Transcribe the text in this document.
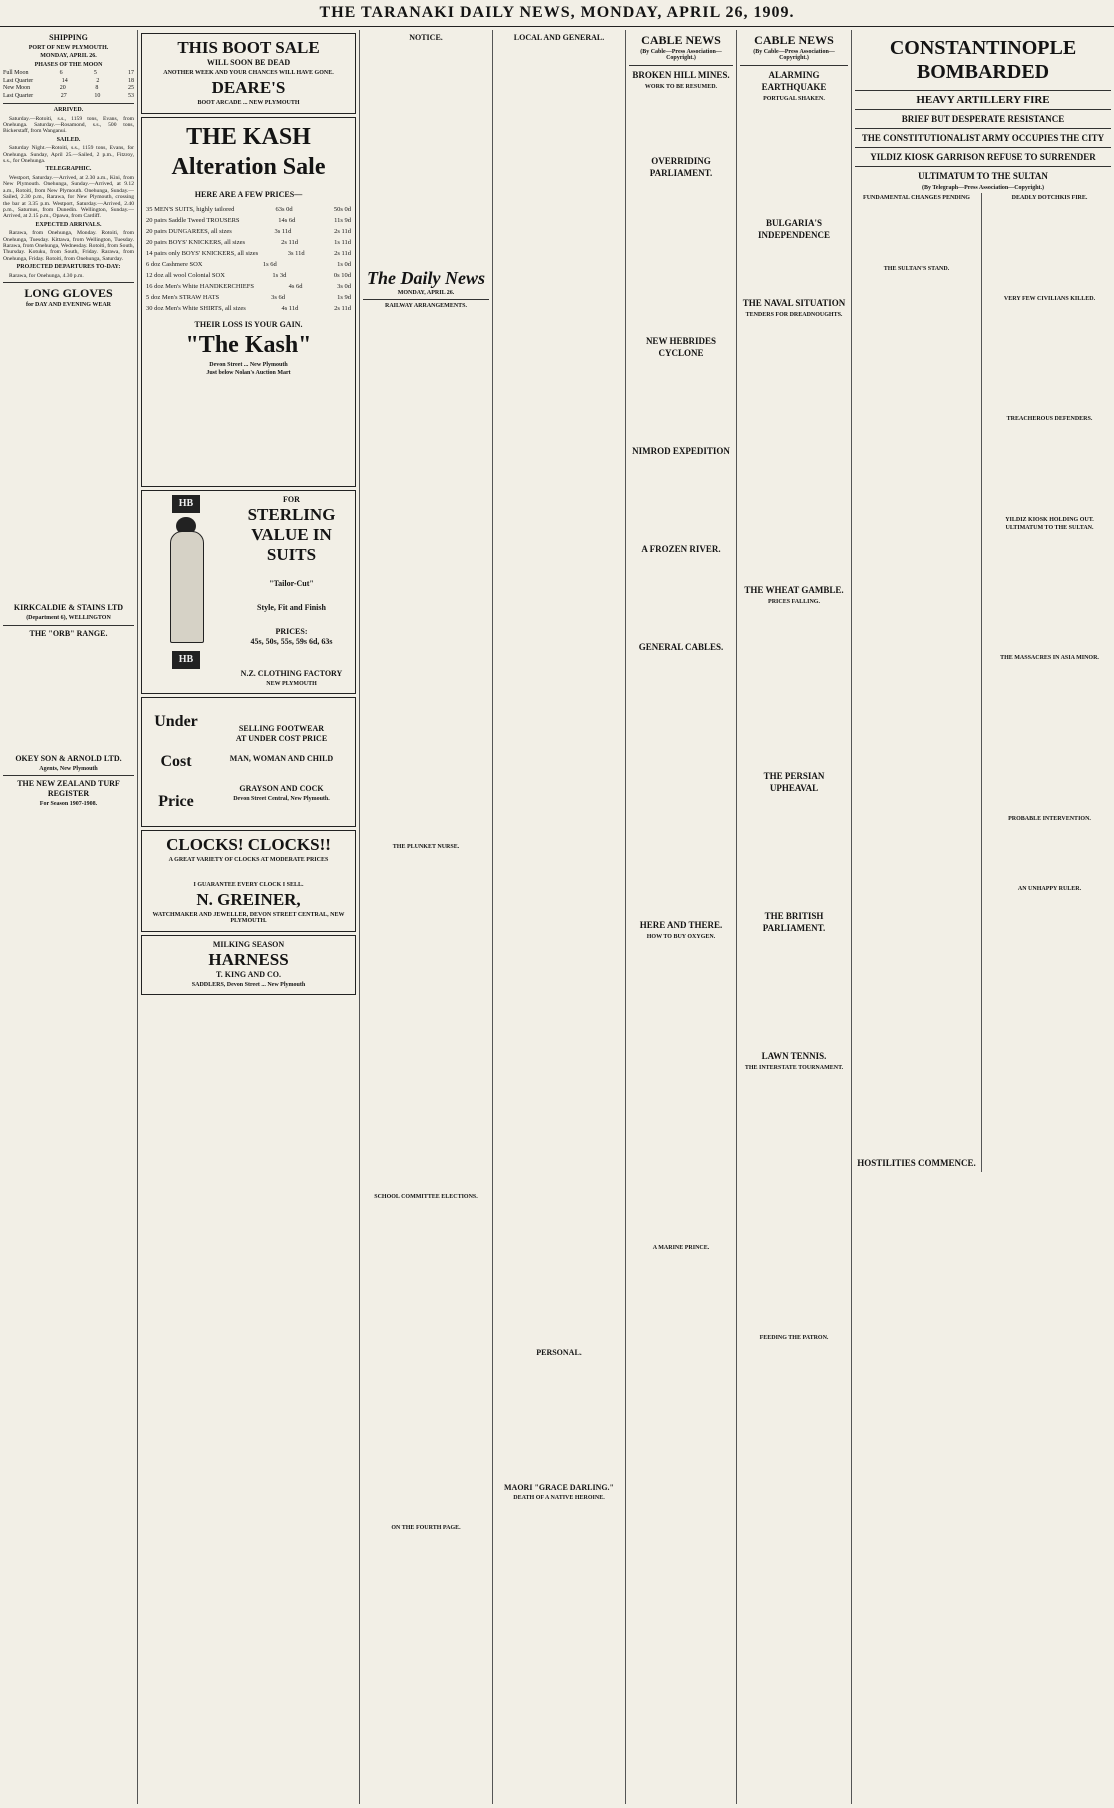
THE TARANAKI DAILY NEWS, MONDAY, APRIL 26, 1909.
SHIPPING
PORT OF NEW PLYMOUTH.
MONDAY, APRIL 26.
PHASES OF THE MOON
Full Moon	6	5	17
Last Quarter	14	2	18
New Moon	20	8	25
Last Quarter	27	10	53
ARRIVED.

Saturday.—Rotoiti, s.s., 1159 tons, Evans, from Onehunga. Saturday.—Rosamond, s.s., 500 tons, Bickerstaff, from Wanganui.

SAILED.

Saturday Night.—Rotoiti, s.s., 1159 tons, Evans, for Onehunga. Sunday, April 25.—Sailed, 2 p.m., Fitzroy, s.s., for Onehunga.

TELEGRAPHIC.

Westport, Saturday.—Arrived, at 2.30 a.m., Kini, from New Plymouth. Onehunga, Sunday.—Arrived, at 9.12 a.m., Rotoiti, from New Plymouth. Onehunga, Sunday.—Sailed, 2.30 p.m., Rarawa, for New Plymouth, crossing the bar at 3.35 p.m. Westport, Saturday.—Arrived, 2.40 p.m., Saturnus, from Dunedin. Wellington, Sunday.—Arrived, at 2.15 p.m., Opawa, from Cardiff.

EXPECTED ARRIVALS.

Rarawa, from Onehunga, Monday. Rotoiti, from Onehunga, Tuesday. Kittawa, from Wellington, Tuesday. Rarawa, from Onehunga, Wednesday. Rotoiti, from South, Thursday. Kotuku, from South, Friday. Rarawa, from Onehunga, Friday. Rotoiti, from Onehunga, Saturday.

PROJECTED DEPARTURES TO-DAY:

Rarawa, for Onehunga, 4.30 p.m.

LONG GLOVES
for DAY AND EVENING WEAR
KIRKCALDIE & STAINS LTD
(Department 6), WELLINGTON
THE "ORB" RANGE.
OKEY SON & ARNOLD LTD.
Agents, New Plymouth
THE NEW ZEALAND TURF REGISTER
For Season 1907-1908.
THIS BOOT SALE
WILL SOON BE DEAD
ANOTHER WEEK AND YOUR CHANCES WILL HAVE GONE.
DEARE'S
BOOT ARCADE ... NEW PLYMOUTH
THE KASH
Alteration Sale
HERE ARE A FEW PRICES—
35 MEN'S SUITS, highly tailored	63s 0d	50s 0d
20 pairs Saddle Tweed TROUSERS	14s 6d	11s 9d
20 pairs DUNGAREES, all sizes	3s 11d	2s 11d
20 pairs BOYS' KNICKERS, all sizes	2s 11d	1s 11d
14 pairs only BOYS' KNICKERS, all sizes	3s 11d	2s 11d
6 doz Cashmere SOX	1s 6d	1s 0d
12 doz all wool Colonial SOX	1s 3d	0s 10d
16 doz Men's White HANDKERCHIEFS	4s 6d	3s 0d
5 doz Men's STRAW HATS	3s 6d	1s 9d
30 doz Men's White SHIRTS, all sizes	4s 11d	2s 11d
THEIR LOSS IS YOUR GAIN.
"The Kash"
Devon Street ... New Plymouth
Just below Nolan's Auction Mart
HB
HB
FOR
STERLING VALUE IN SUITS
"Tailor-Cut"
Style, Fit and Finish
PRICES:
45s, 50s, 55s, 59s 6d, 63s
N.Z. CLOTHING FACTORY
NEW PLYMOUTH
Under Cost Price
SELLING FOOTWEAR
AT UNDER COST PRICE
MAN, WOMAN AND CHILD
GRAYSON AND COCK
Devon Street Central, New Plymouth.
CLOCKS! CLOCKS!!
A GREAT VARIETY OF CLOCKS AT MODERATE PRICES
I GUARANTEE EVERY CLOCK I SELL.
N. GREINER,
WATCHMAKER AND JEWELLER, DEVON STREET CENTRAL, NEW PLYMOUTH.
MILKING SEASON
HARNESS
T. KING AND CO.
SADDLERS, Devon Street ... New Plymouth
NOTICE.
The Daily News
MONDAY, APRIL 26.
RAILWAY ARRANGEMENTS.
THE PLUNKET NURSE.
SCHOOL COMMITTEE ELECTIONS.
ON THE FOURTH PAGE.
LOCAL AND GENERAL.
PERSONAL.
MAORI "GRACE DARLING."
DEATH OF A NATIVE HEROINE.
CABLE NEWS
(By Cable—Press Association—Copyright.)
BROKEN HILL MINES.
WORK TO BE RESUMED.
OVERRIDING PARLIAMENT.
NEW HEBRIDES CYCLONE
NIMROD EXPEDITION
A FROZEN RIVER.
GENERAL CABLES.
HERE AND THERE.
HOW TO BUY OXYGEN.
A MARINE PRINCE.
CABLE NEWS
(By Cable—Press Association—Copyright.)
ALARMING EARTHQUAKE
PORTUGAL SHAKEN.
BULGARIA'S INDEPENDENCE
THE NAVAL SITUATION
TENDERS FOR DREADNOUGHTS.
THE WHEAT GAMBLE.
PRICES FALLING.
THE PERSIAN UPHEAVAL
THE BRITISH PARLIAMENT.
LAWN TENNIS.
THE INTERSTATE TOURNAMENT.
FEEDING THE PATRON.
CONSTANTINOPLE BOMBARDED
HEAVY ARTILLERY FIRE
BRIEF BUT DESPERATE RESISTANCE
THE CONSTITUTIONALIST ARMY OCCUPIES THE CITY
YILDIZ KIOSK GARRISON REFUSE TO SURRENDER
ULTIMATUM TO THE SULTAN
(By Telegraph—Press Association—Copyright.)
FUNDAMENTAL CHANGES PENDING
THE SULTAN'S STAND.
HOSTILITIES COMMENCE.
DEADLY DOTCHKIS FIRE.
VERY FEW CIVILIANS KILLED.
TREACHEROUS DEFENDERS.
YILDIZ KIOSK HOLDING OUT.
ULTIMATUM TO THE SULTAN.
THE MASSACRES IN ASIA MINOR.
PROBABLE INTERVENTION.
AN UNHAPPY RULER.
